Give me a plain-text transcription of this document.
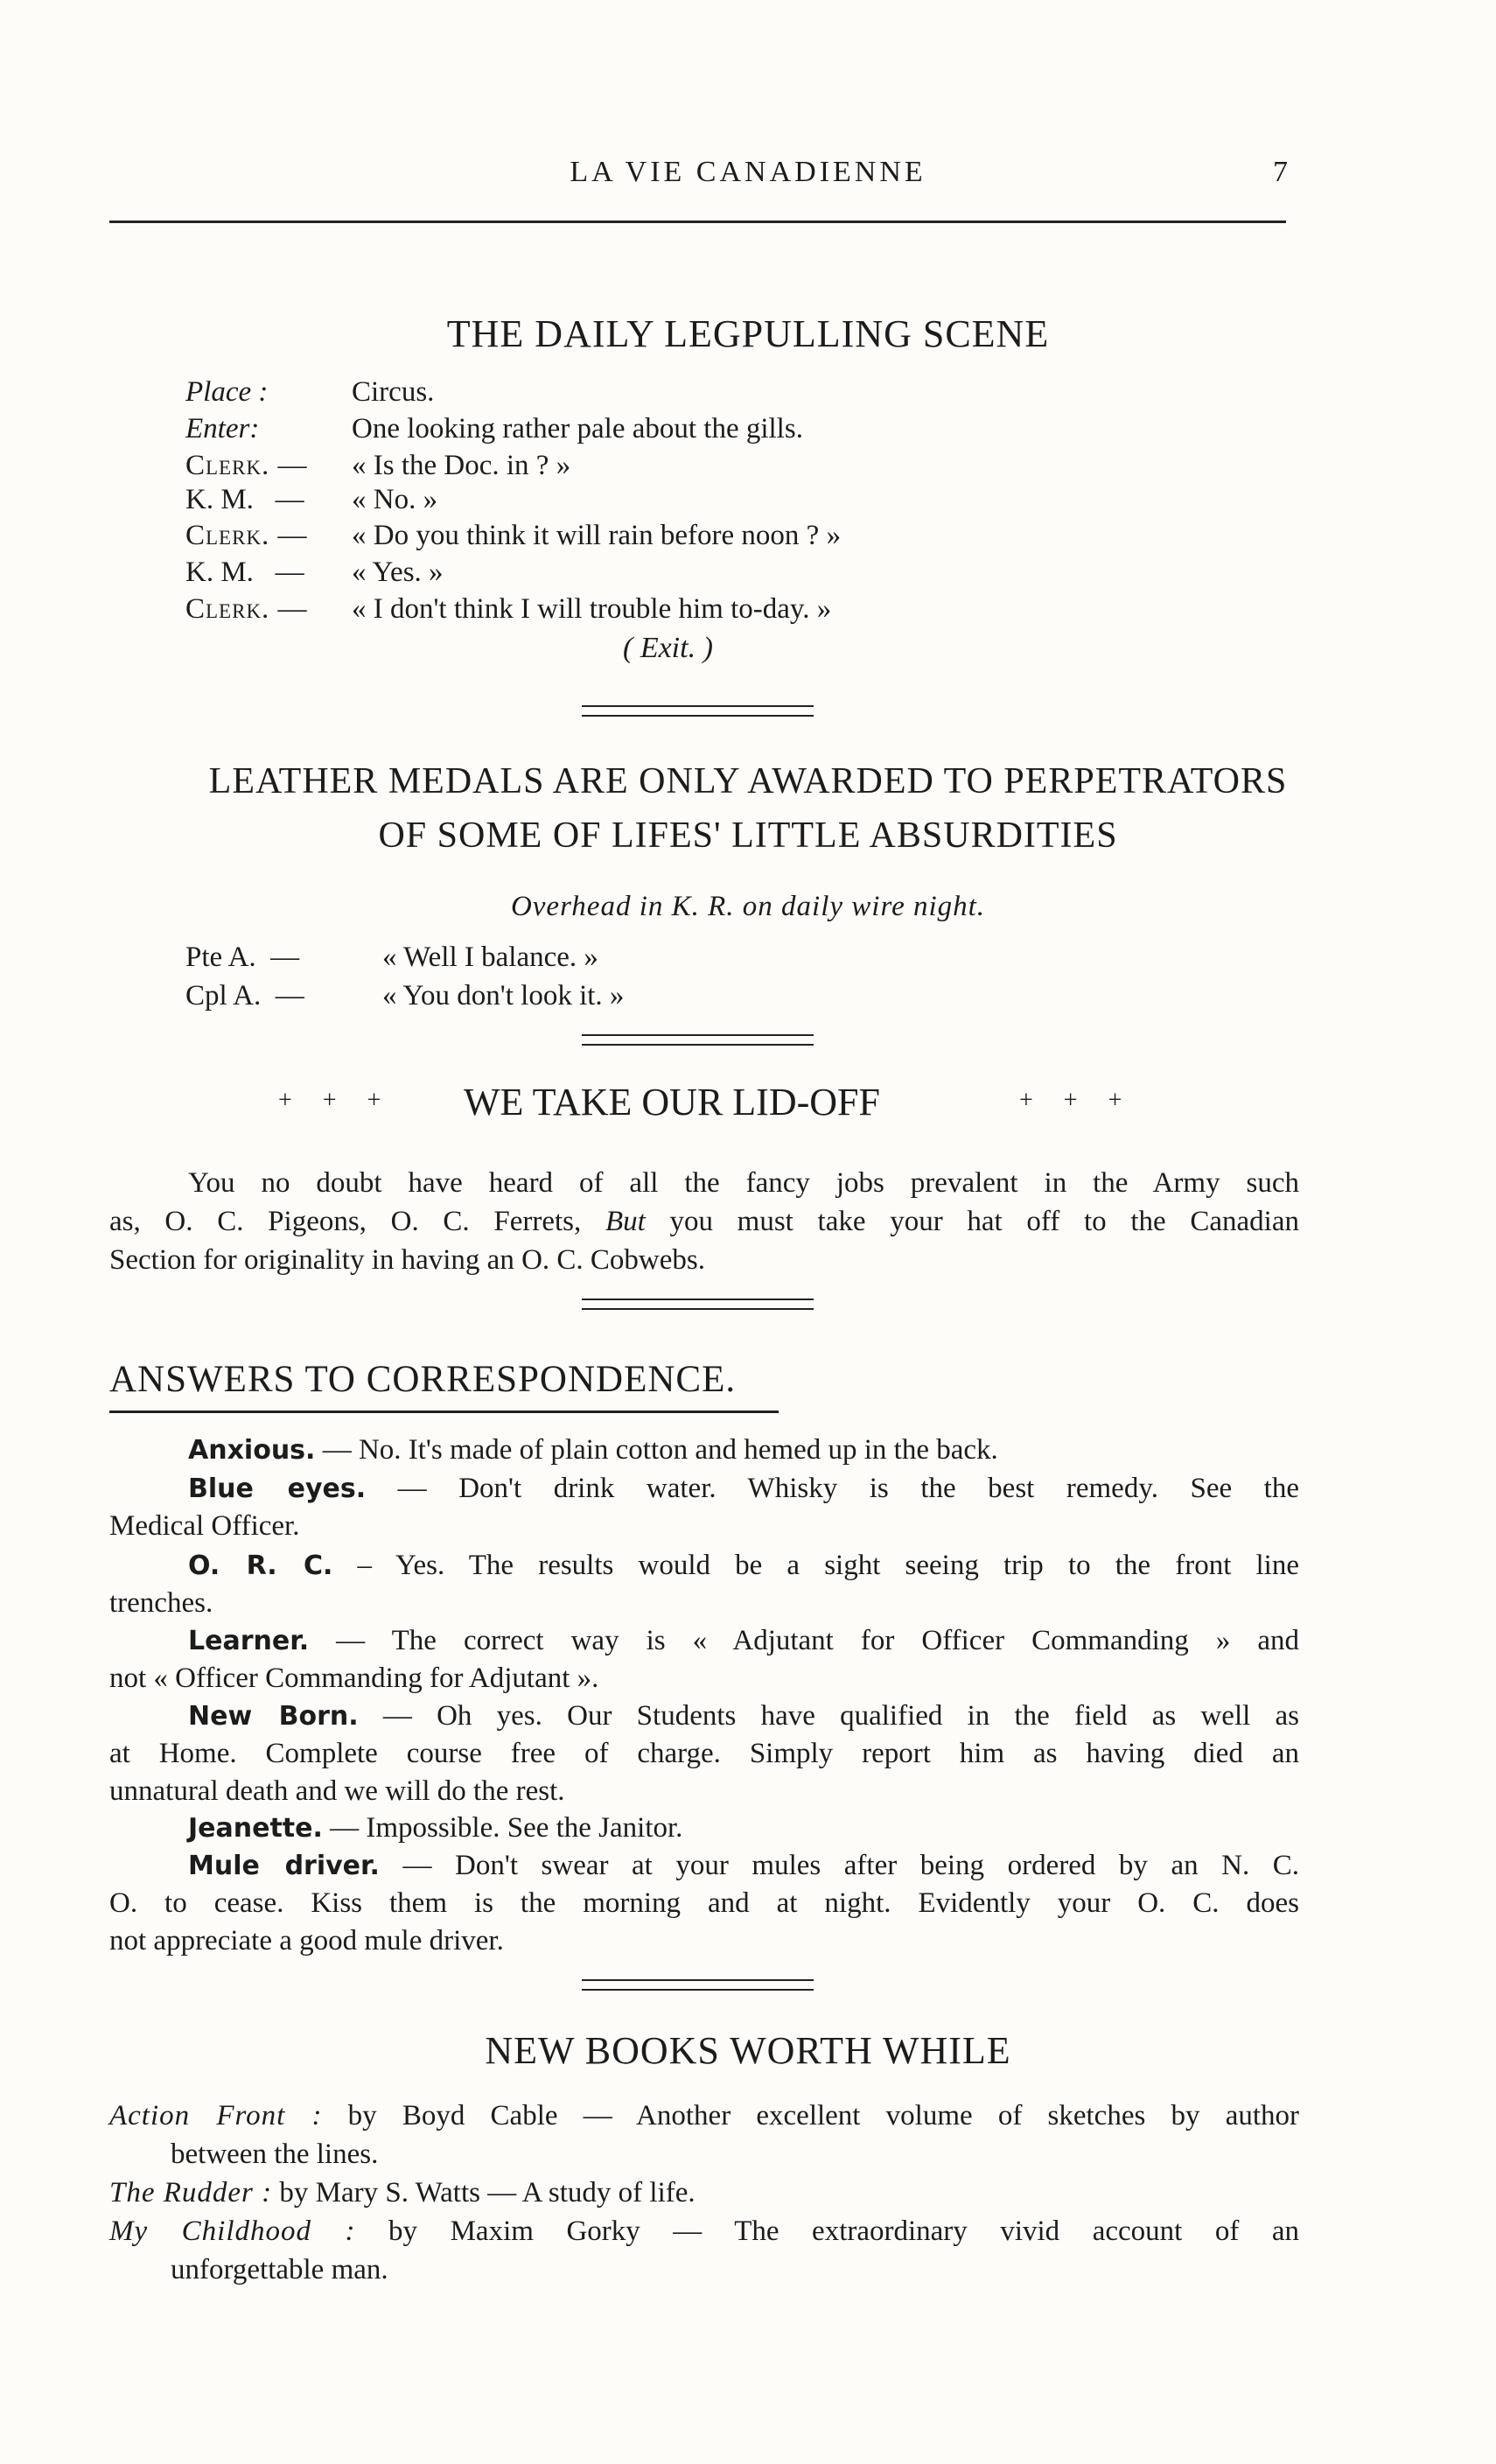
LA VIE CANADIENNE	7
THE DAILY LEGPULLING SCENE
Place :	Circus.
Enter:	One looking rather pale about the gills.
Clerk. — « Is the Doc. in ? »
K. M.   — « No. »
Clerk. — « Do you think it will rain before noon ? »
K. M.   — « Yes. »
Clerk. — « I don't think I will trouble him to-day. »
( Exit. )
LEATHER MEDALS ARE ONLY AWARDED TO PERPETRATORS
OF SOME OF LIFES' LITTLE ABSURDITIES
Overhead in K. R. on daily wire night.
Pte A.  —	« Well I balance. »
Cpl A.  —	« You don't look it. »
+ + + WE TAKE OUR LID-OFF	+ + +
You no doubt have heard of all the fancy jobs prevalent in the Army such
as, O. C. Pigeons, O. C. Ferrets, But you must take your hat off to the Canadian
Section for originality in having an O. C. Cobwebs.
ANSWERS TO CORRESPONDENCE.
Anxious. — No. It's made of plain cotton and hemed up in the back.
Blue eyes. — Don't drink water. Whisky is the best remedy. See the
Medical Officer.
O. R. C. – Yes. The results would be a sight seeing trip to the front line
trenches.
Learner. — The correct way is « Adjutant for Officer Commanding » and
not « Officer Commanding for Adjutant ».
New Born. — Oh yes. Our Students have qualified in the field as well as
at Home. Complete course free of charge. Simply report him as having died an
unnatural death and we will do the rest.
Jeanette. — Impossible. See the Janitor.
Mule driver. — Don't swear at your mules after being ordered by an N. C.
O. to cease. Kiss them is the morning and at night. Evidently your O. C. does
not appreciate a good mule driver.
NEW BOOKS WORTH WHILE
Action Front : by Boyd Cable — Another excellent volume of sketches by author
between the lines.
The Rudder : by Mary S. Watts — A study of life.
My Childhood : by Maxim Gorky — The extraordinary vivid account of an
unforgettable man.
